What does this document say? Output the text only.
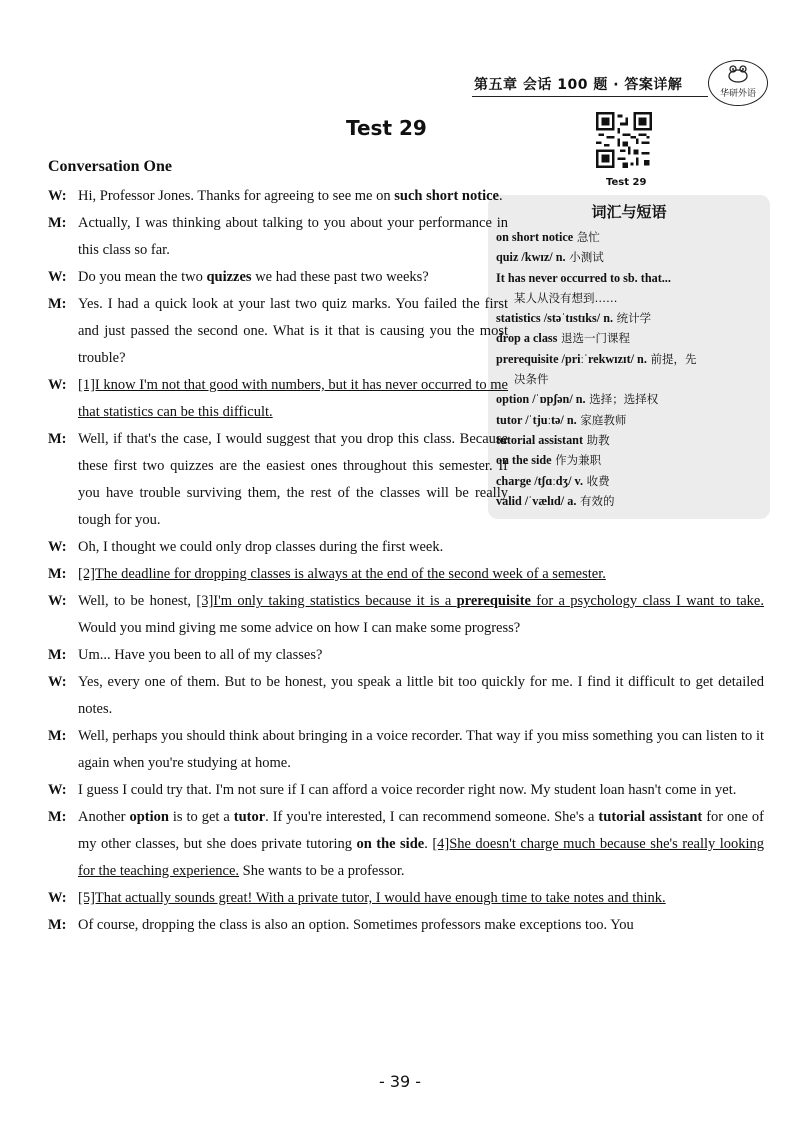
第五章 会话 100 题 · 答案详解
华研外语
Test 29
Test 29
Conversation One
词汇与短语
on short notice 急忙
quiz /kwɪz/ n. 小测试
It has never occurred to sb. that...
某人从没有想到……
statistics /stəˈtɪstɪks/ n. 统计学
drop a class 退选一门课程
prerequisite /priːˈrekwɪzɪt/ n. 前提，先
决条件
option /ˈɒpʃən/ n. 选择；选择权
tutor /ˈtjuːtə/ n. 家庭教师
tutorial assistant 助教
on the side 作为兼职
charge /tʃɑːdʒ/ v. 收费
valid /ˈvælɪd/ a. 有效的
W: Hi, Professor Jones. Thanks for agreeing to see me on such short notice.
M: Actually, I was thinking about talking to you about your performance in this class so far.
W: Do you mean the two quizzes we had these past two weeks?
M: Yes. I had a quick look at your last two quiz marks. You failed the first and just passed the second one. What is it that is causing you the most trouble?
W: [1]I know I'm not that good with numbers, but it has never occurred to me that statistics can be this difficult.
M: Well, if that's the case, I would suggest that you drop this class. Because these first two quizzes are the easiest ones throughout this semester. If you have trouble surviving them, the rest of the classes will be really tough for you.
W: Oh, I thought we could only drop classes during the first week.
M: [2]The deadline for dropping classes is always at the end of the second week of a semester.
W: Well, to be honest, [3]I'm only taking statistics because it is a prerequisite for a psychology class I want to take. Would you mind giving me some advice on how I can make some progress?
M: Um... Have you been to all of my classes?
W: Yes, every one of them. But to be honest, you speak a little bit too quickly for me. I find it difficult to get detailed notes.
M: Well, perhaps you should think about bringing in a voice recorder. That way if you miss something you can listen to it again when you're studying at home.
W: I guess I could try that. I'm not sure if I can afford a voice recorder right now. My student loan hasn't come in yet.
M: Another option is to get a tutor. If you're interested, I can recommend someone. She's a tutorial assistant for one of my other classes, but she does private tutoring on the side. [4]She doesn't charge much because she's really looking for the teaching experience. She wants to be a professor.
W: [5]That actually sounds great! With a private tutor, I would have enough time to take notes and think.
M: Of course, dropping the class is also an option. Sometimes professors make exceptions too. You
- 39 -
